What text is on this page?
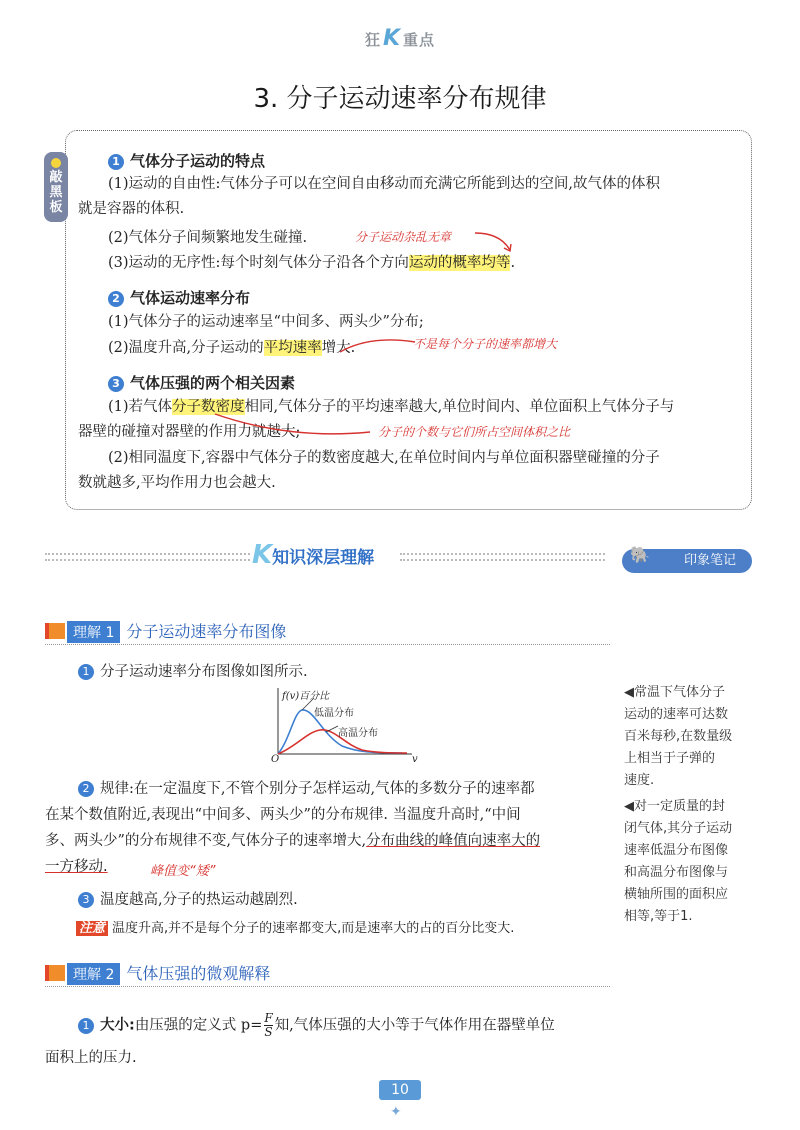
狂K 重点
3. 分子运动速率分布规律
敲
黑
板
1 气体分子运动的特点
(1)运动的自由性:气体分子可以在空间自由移动而充满它所能到达的空间,故气体的体积
就是容器的体积.
(2)气体分子间频繁地发生碰撞.	分子运动杂乱无章
(3)运动的无序性:每个时刻气体分子沿各个方向运动的概率均等.
2 气体运动速率分布
(1)气体分子的运动速率呈“中间多、两头少”分布;
(2)温度升高,分子运动的平均速率增大.	不是每个分子的速率都增大
3 气体压强的两个相关因素
(1)若气体分子数密度相同,气体分子的平均速率越大,单位时间内、单位面积上气体分子与
器壁的碰撞对器壁的作用力就越大;	分子的个数与它们所占空间体积之比
(2)相同温度下,容器中气体分子的数密度越大,在单位时间内与单位面积器壁碰撞的分子
数就越多,平均作用力也会越大.
K知识深层理解	印象笔记
🐘
理解 1 分子运动速率分布图像
1 分子运动速率分布图像如图所示.
f(v)百分比
低温分布
高温分布
O	v
2 规律:在一定温度下,不管个别分子怎样运动,气体的多数分子的速率都
在某个数值附近,表现出“中间多、两头少”的分布规律. 当温度升高时,“中间
多、两头少”的分布规律不变,气体分子的速率增大,分布曲线的峰值向速率大的
一方移动.	峰值变“矮”
3 温度越高,分子的热运动越剧烈.
注意 温度升高,并不是每个分子的速率都变大,而是速率大的占的百分比变大.
◀常温下气体分子
运动的速率可达数
百米每秒,在数量级
上相当于子弹的
速度.
◀对一定质量的封
闭气体,其分子运动
速率低温分布图像
和高温分布图像与
横轴所围的面积应
相等,等于1.
理解 2 气体压强的微观解释
1 大小:由压强的定义式 $p= \frac{F}{S}$ 知,气体压强的大小等于气体作用在器壁单位
面积上的压力.
10
✦
